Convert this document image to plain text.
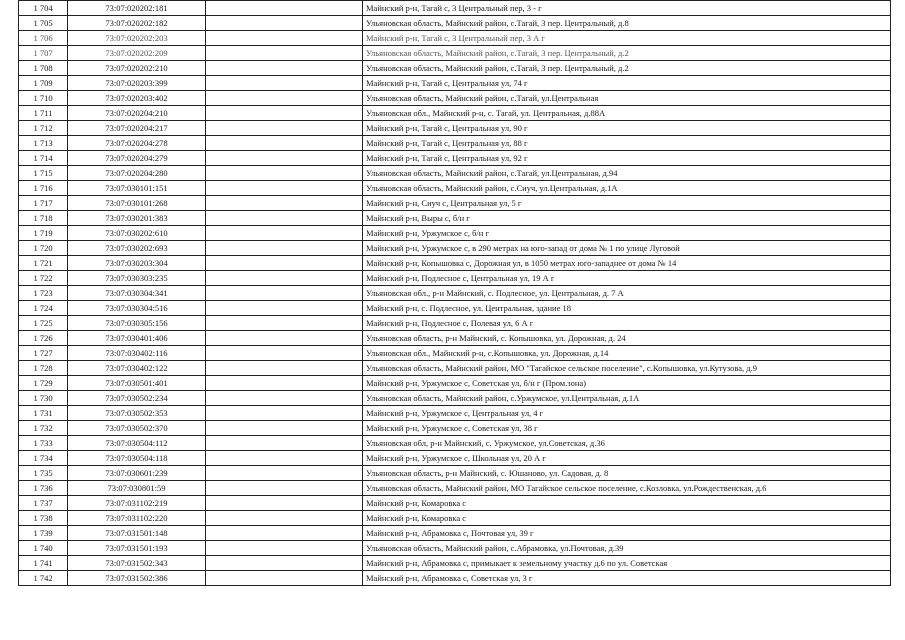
1 704	73:07:020202:181		Майнский р-н, Тагай с, 3 Центральный пер, 3 - г
1 705	73:07:020202:182		Ульяновская область, Майнский район, с.Тагай, 3 пер. Центральный, д.8
1 706	73:07:020202:203		Майнский р-н, Тагай с, 3 Центральный пер, 3 А г
1 707	73:07:020202:209		Ульяновская область, Майнский район, с.Тагай, 3 пер. Центральный, д.2
1 708	73:07:020202:210		Ульяновская область, Майнский район, с.Тагай, 3 пер. Центральный, д.2
1 709	73:07:020203:399		Майнский р-н, Тагай с, Центральная ул, 74 г
1 710	73:07:020203:402		Ульяновская область, Майнский район, с.Тагай, ул.Центральная
1 711	73:07:020204:210		Ульяновская обл., Майнский р-н, с. Тагай, ул. Центральная, д.88А
1 712	73:07:020204:217		Майнский р-н, Тагай с, Центральная ул, 90 г
1 713	73:07:020204:278		Майнский р-н, Тагай с, Центральная ул, 88 г
1 714	73:07:020204:279		Майнский р-н, Тагай с, Центральная ул, 92 г
1 715	73:07:020204:280		Ульяновская область, Майнский район, с.Тагай, ул.Центральная, д.94
1 716	73:07:030101:151		Ульяновская область, Майнский район, с.Сиуч, ул.Центральная, д.1А
1 717	73:07:030101:268		Майнский р-н, Сиуч с, Центральная ул, 5 г
1 718	73:07:030201:383		Майнский р-н, Выры с, б/н г
1 719	73:07:030202:610		Майнский р-н, Уржумское с, б/н г
1 720	73:07:030202:693		Майнский р-н, Уржумское с, в 290 метрах на юго-запад от дома № 1 по улице Луговой
1 721	73:07:030203:304		Майнский р-н, Копышовка с, Дорожная ул, в 1050 метрах юго-западнее от дома № 14
1 722	73:07:030303:235		Майнский р-н, Подлесное с, Центральная ул, 19 А г
1 723	73:07:030304:341		Ульяновская обл., р-н Майнский, с. Подлесное, ул. Центральная, д. 7 А
1 724	73:07:030304:516		Майнский р-н, с. Подлесное, ул. Центральная, здание 18
1 725	73:07:030305:156		Майнский р-н, Подлесное с, Полевая ул, 6 А г
1 726	73:07:030401:406		Ульяновская область, р-н Майнский, с. Копышовка, ул. Дорожная, д. 24
1 727	73:07:030402:116		Ульяновская обл., Майнский р-н, с.Копышовка, ул. Дорожная, д.14
1 728	73:07:030402:122		Ульяновская область, Майнский район, МО "Тагайское сельское поселение", с.Копышовка, ул.Кутузова, д.9
1 729	73:07:030501:401		Майнский р-н, Уржумское с, Советская ул, б/н г (Пром.зона)
1 730	73:07:030502:234		Ульяновская область, Майнский район, с.Уржумское, ул.Центральная, д.1А
1 731	73:07:030502:353		Майнский р-н, Уржумское с, Центральная ул, 4 г
1 732	73:07:030502:370		Майнский р-н, Уржумское с, Советская ул, 38 г
1 733	73:07:030504:112		Ульяновская обл, р-н Майнский, с. Уржумское, ул.Советская, д.36
1 734	73:07:030504:118		Майнский р-н, Уржумское с, Школьная ул, 20 А г
1 735	73:07:030601:239		Ульяновская область, р-н Майнский, с. Юшаново, ул. Садовая, д. 8
1 736	73:07:030801:59		Ульяновская область, Майнский район, МО Тагайское сельское поселение, с.Козловка, ул.Рождественская, д.6
1 737	73:07:031102:219		Майнский р-н, Комаровка с
1 738	73:07:031102:220		Майнский р-н, Комаровка с
1 739	73:07:031501:148		Майнский р-н, Абрамовка с, Почтовая ул, 39 г
1 740	73:07:031501:193		Ульяновская область, Майнский район, с.Абрамовка, ул.Почтовая, д.39
1 741	73:07:031502:343		Майнский р-н, Абрамовка с, примыкает к земельному участку д.6 по ул. Советская
1 742	73:07:031502:386		Майнский р-н, Абрамовка с, Советская ул, 3 г
